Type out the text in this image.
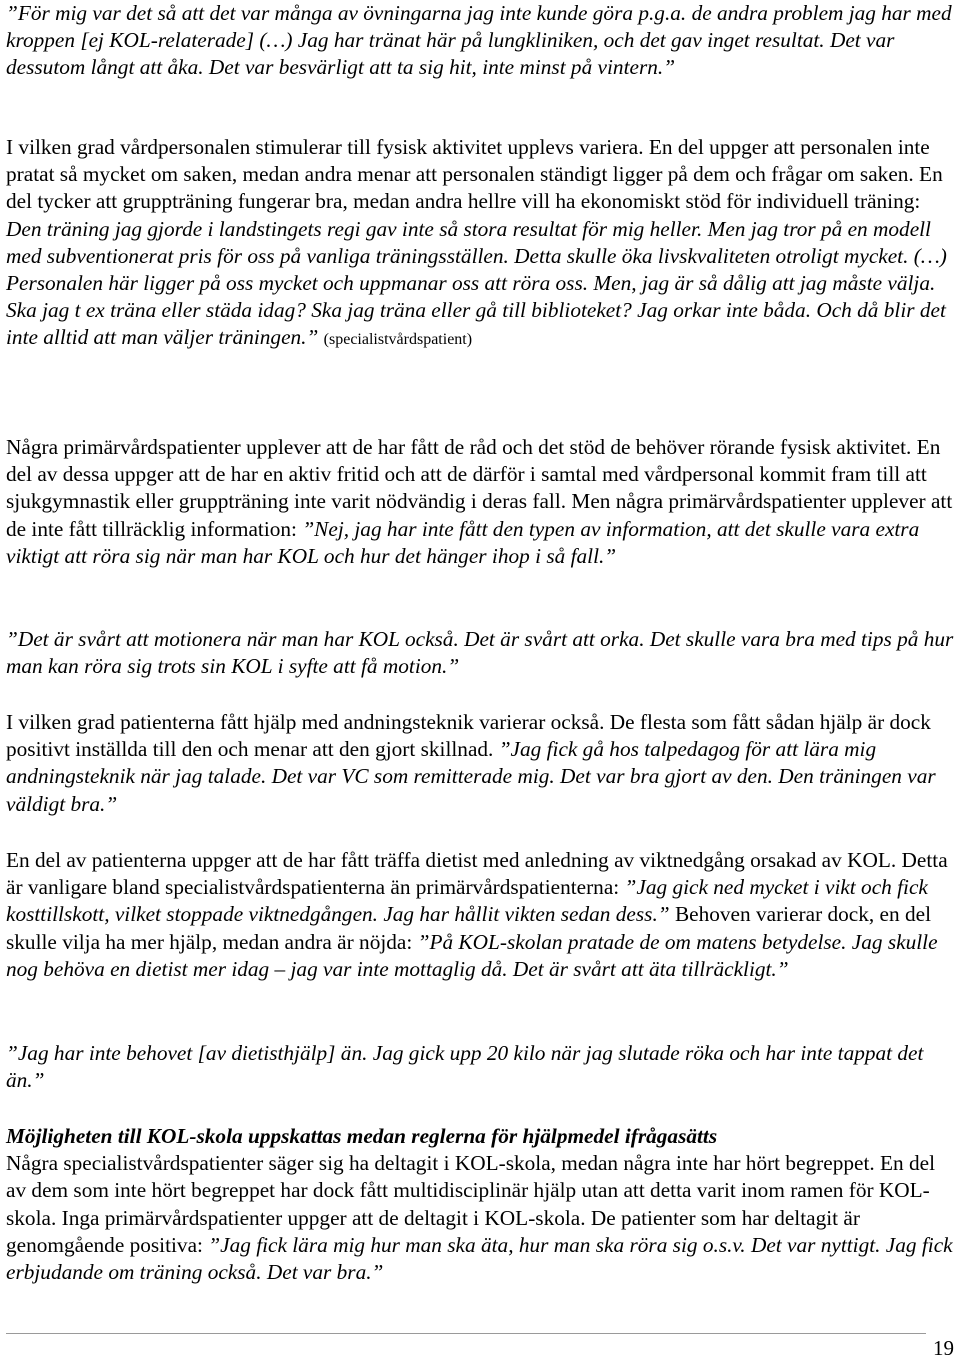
”För mig var det så att det var många av övningarna jag inte kunde göra p.g.a. de andra problem jag har med kroppen [ej KOL-relaterade] (…) Jag har tränat här på lungkliniken, och det gav inget resultat. Det var dessutom långt att åka. Det var besvärligt att ta sig hit, inte minst på vintern.”

I vilken grad vårdpersonalen stimulerar till fysisk aktivitet upplevs variera. En del uppger att personalen inte pratat så mycket om saken, medan andra menar att personalen ständigt ligger på dem och frågar om saken. En del tycker att gruppträning fungerar bra, medan andra hellre vill ha ekonomiskt stöd för individuell träning: Den träning jag gjorde i landstingets regi gav inte så stora resultat för mig heller. Men jag tror på en modell med subventionerat pris för oss på vanliga träningsställen. Detta skulle öka livskvaliteten otroligt mycket. (…) Personalen här ligger på oss mycket och uppmanar oss att röra oss. Men, jag är så dålig att jag måste välja. Ska jag t ex träna eller städa idag? Ska jag träna eller gå till biblioteket? Jag orkar inte båda. Och då blir det inte alltid att man väljer träningen.” (specialistvårdspatient)

Några primärvårdspatienter upplever att de har fått de råd och det stöd de behöver rörande fysisk aktivitet. En del av dessa uppger att de har en aktiv fritid och att de därför i samtal med vårdpersonal kommit fram till att sjukgymnastik eller gruppträning inte varit nödvändig i deras fall. Men några primärvårdspatienter upplever att de inte fått tillräcklig information: ”Nej, jag har inte fått den typen av information, att det skulle vara extra viktigt att röra sig när man har KOL och hur det hänger ihop i så fall.”

”Det är svårt att motionera när man har KOL också. Det är svårt att orka. Det skulle vara bra med tips på hur man kan röra sig trots sin KOL i syfte att få motion.”

I vilken grad patienterna fått hjälp med andningsteknik varierar också. De flesta som fått sådan hjälp är dock positivt inställda till den och menar att den gjort skillnad. ”Jag fick gå hos talpedagog för att lära mig andningsteknik när jag talade. Det var VC som remitterade mig. Det var bra gjort av den. Den träningen var väldigt bra.”

En del av patienterna uppger att de har fått träffa dietist med anledning av viktnedgång orsakad av KOL. Detta är vanligare bland specialistvårdspatienterna än primärvårdspatienterna: ”Jag gick ned mycket i vikt och fick kosttillskott, vilket stoppade viktnedgången. Jag har hållit vikten sedan dess.” Behoven varierar dock, en del skulle vilja ha mer hjälp, medan andra är nöjda: ”På KOL-skolan pratade de om matens betydelse. Jag skulle nog behöva en dietist mer idag – jag var inte mottaglig då. Det är svårt att äta tillräckligt.”

”Jag har inte behovet [av dietisthjälp] än. Jag gick upp 20 kilo när jag slutade röka och har inte tappat det än.”

Möjligheten till KOL-skola uppskattas medan reglerna för hjälpmedel ifrågasätts
Några specialistvårdspatienter säger sig ha deltagit i KOL-skola, medan några inte har hört begreppet. En del av dem som inte hört begreppet har dock fått multidisciplinär hjälp utan att detta varit inom ramen för KOL-skola. Inga primärvårdspatienter uppger att de deltagit i KOL-skola. De patienter som har deltagit är genomgående positiva: ”Jag fick lära mig hur man ska äta, hur man ska röra sig o.s.v. Det var nyttigt. Jag fick erbjudande om träning också. Det var bra.”
19
